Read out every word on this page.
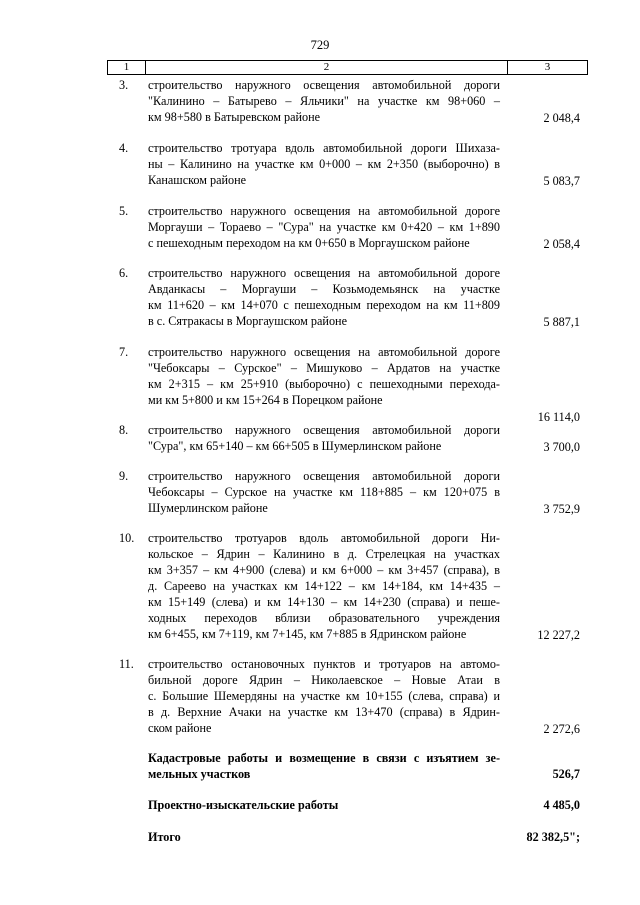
729
1	2	3
3. строительство наружного освещения автомобильной дороги
"Калинино – Батырево – Яльчики" на участке км 98+060 –
км 98+580 в Батыревском районе	2 048,4
4. строительство тротуара вдоль автомобильной дороги Шихаза-
ны – Калинино на участке км 0+000 – км 2+350 (выборочно) в
Канашском районе	5 083,7
5. строительство наружного освещения на автомобильной дороге
Моргауши – Тораево – "Сура" на участке км 0+420 – км 1+890
с пешеходным переходом на км 0+650 в Моргаушском районе	2 058,4
6. строительство наружного освещения на автомобильной дороге
Авданкасы – Моргауши – Козьмодемьянск на участке
км 11+620 – км 14+070 с пешеходным переходом на км 11+809
в с. Сятракасы в Моргаушском районе	5 887,1
7. строительство наружного освещения на автомобильной дороге
"Чебоксары – Сурское" – Мишуково – Ардатов на участке
км 2+315 – км 25+910 (выборочно) с пешеходными перехода-
ми км 5+800 и км 15+264 в Порецком районе
16 114,0
8. строительство наружного освещения автомобильной дороги
"Сура", км 65+140 – км 66+505 в Шумерлинском районе	3 700,0
9. строительство наружного освещения автомобильной дороги
Чебоксары – Сурское на участке км 118+885 – км 120+075 в
Шумерлинском районе	3 752,9
10. строительство тротуаров вдоль автомобильной дороги Ни-
кольское – Ядрин – Калинино в д. Стрелецкая на участках
км 3+357 – км 4+900 (слева) и км 6+000 – км 3+457 (справа), в
д. Сареево на участках км 14+122 – км 14+184, км 14+435 –
км 15+149 (слева) и км 14+130 – км 14+230 (справа) и пеше-
ходных переходов вблизи образовательного учреждения
км 6+455, км 7+119, км 7+145, км 7+885 в Ядринском районе	12 227,2
11. строительство остановочных пунктов и тротуаров на автомо-
бильной дороге Ядрин – Николаевское – Новые Атаи в
с. Большие Шемердяны на участке км 10+155 (слева, справа) и
в д. Верхние Ачаки на участке км 13+470 (справа) в Ядрин-
ском районе	2 272,6
Кадастровые работы и возмещение в связи с изъятием зе-
мельных участков	526,7
Проектно-изыскательские работы	4 485,0
Итого	82 382,5";
